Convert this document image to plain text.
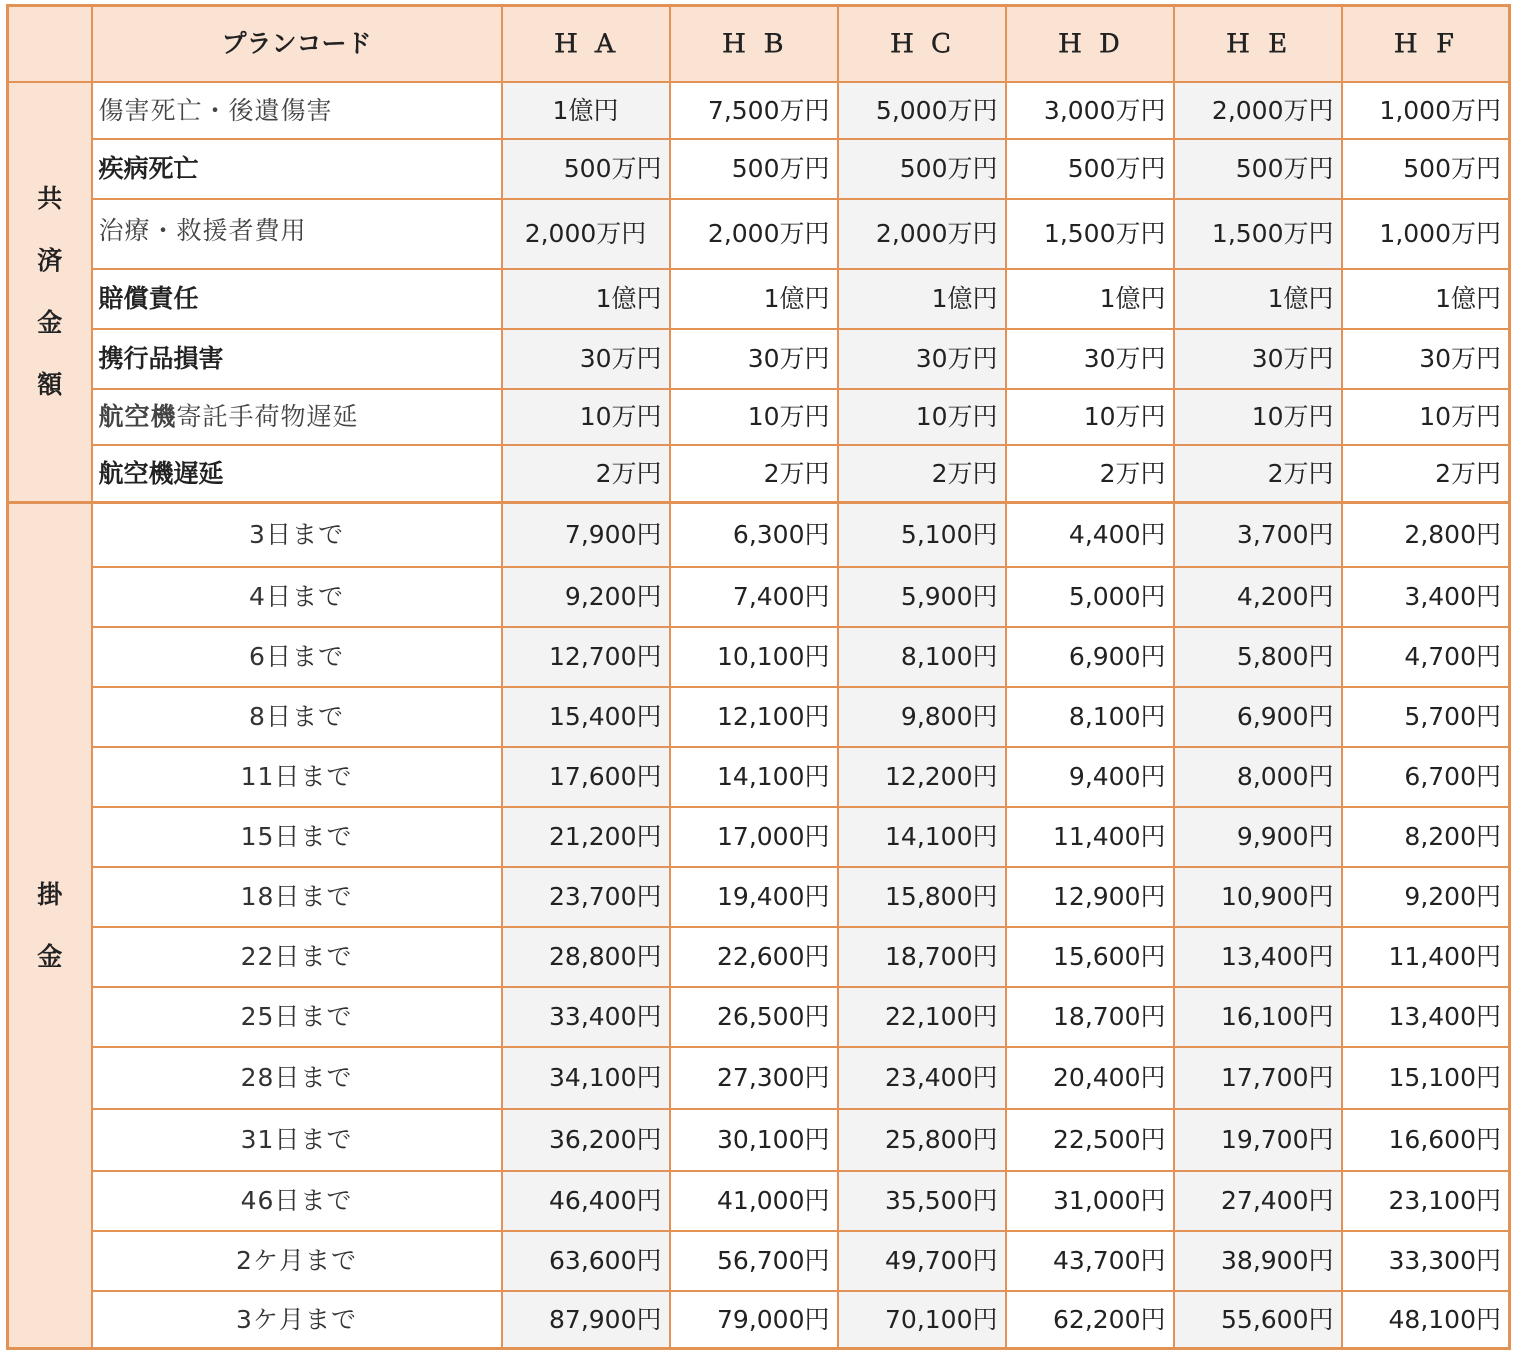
	プランコード	ＨＡ	ＨＢ	ＨＣ	ＨＤ	ＨＥ	ＨＦ

共
済
金
額	傷害死亡・後遺傷害	1億円	7,500万円	5,000万円	3,000万円	2,000万円	1,000万円
	疾病死亡	500万円	500万円	500万円	500万円	500万円	500万円
	治療・救援者費用	2,000万円	2,000万円	2,000万円	1,500万円	1,500万円	1,000万円
	賠償責任	1億円	1億円	1億円	1億円	1億円	1億円
	携行品損害	30万円	30万円	30万円	30万円	30万円	30万円
	航空機寄託手荷物遅延	10万円	10万円	10万円	10万円	10万円	10万円
	航空機遅延	2万円	2万円	2万円	2万円	2万円	2万円

掛
金	3日まで	7,900円	6,300円	5,100円	4,400円	3,700円	2,800円
	4日まで	9,200円	7,400円	5,900円	5,000円	4,200円	3,400円
	6日まで	12,700円	10,100円	8,100円	6,900円	5,800円	4,700円
	8日まで	15,400円	12,100円	9,800円	8,100円	6,900円	5,700円
	11日まで	17,600円	14,100円	12,200円	9,400円	8,000円	6,700円
	15日まで	21,200円	17,000円	14,100円	11,400円	9,900円	8,200円
	18日まで	23,700円	19,400円	15,800円	12,900円	10,900円	9,200円
	22日まで	28,800円	22,600円	18,700円	15,600円	13,400円	11,400円
	25日まで	33,400円	26,500円	22,100円	18,700円	16,100円	13,400円
	28日まで	34,100円	27,300円	23,400円	20,400円	17,700円	15,100円
	31日まで	36,200円	30,100円	25,800円	22,500円	19,700円	16,600円
	46日まで	46,400円	41,000円	35,500円	31,000円	27,400円	23,100円
	2ケ月まで	63,600円	56,700円	49,700円	43,700円	38,900円	33,300円
	3ケ月まで	87,900円	79,000円	70,100円	62,200円	55,600円	48,100円
